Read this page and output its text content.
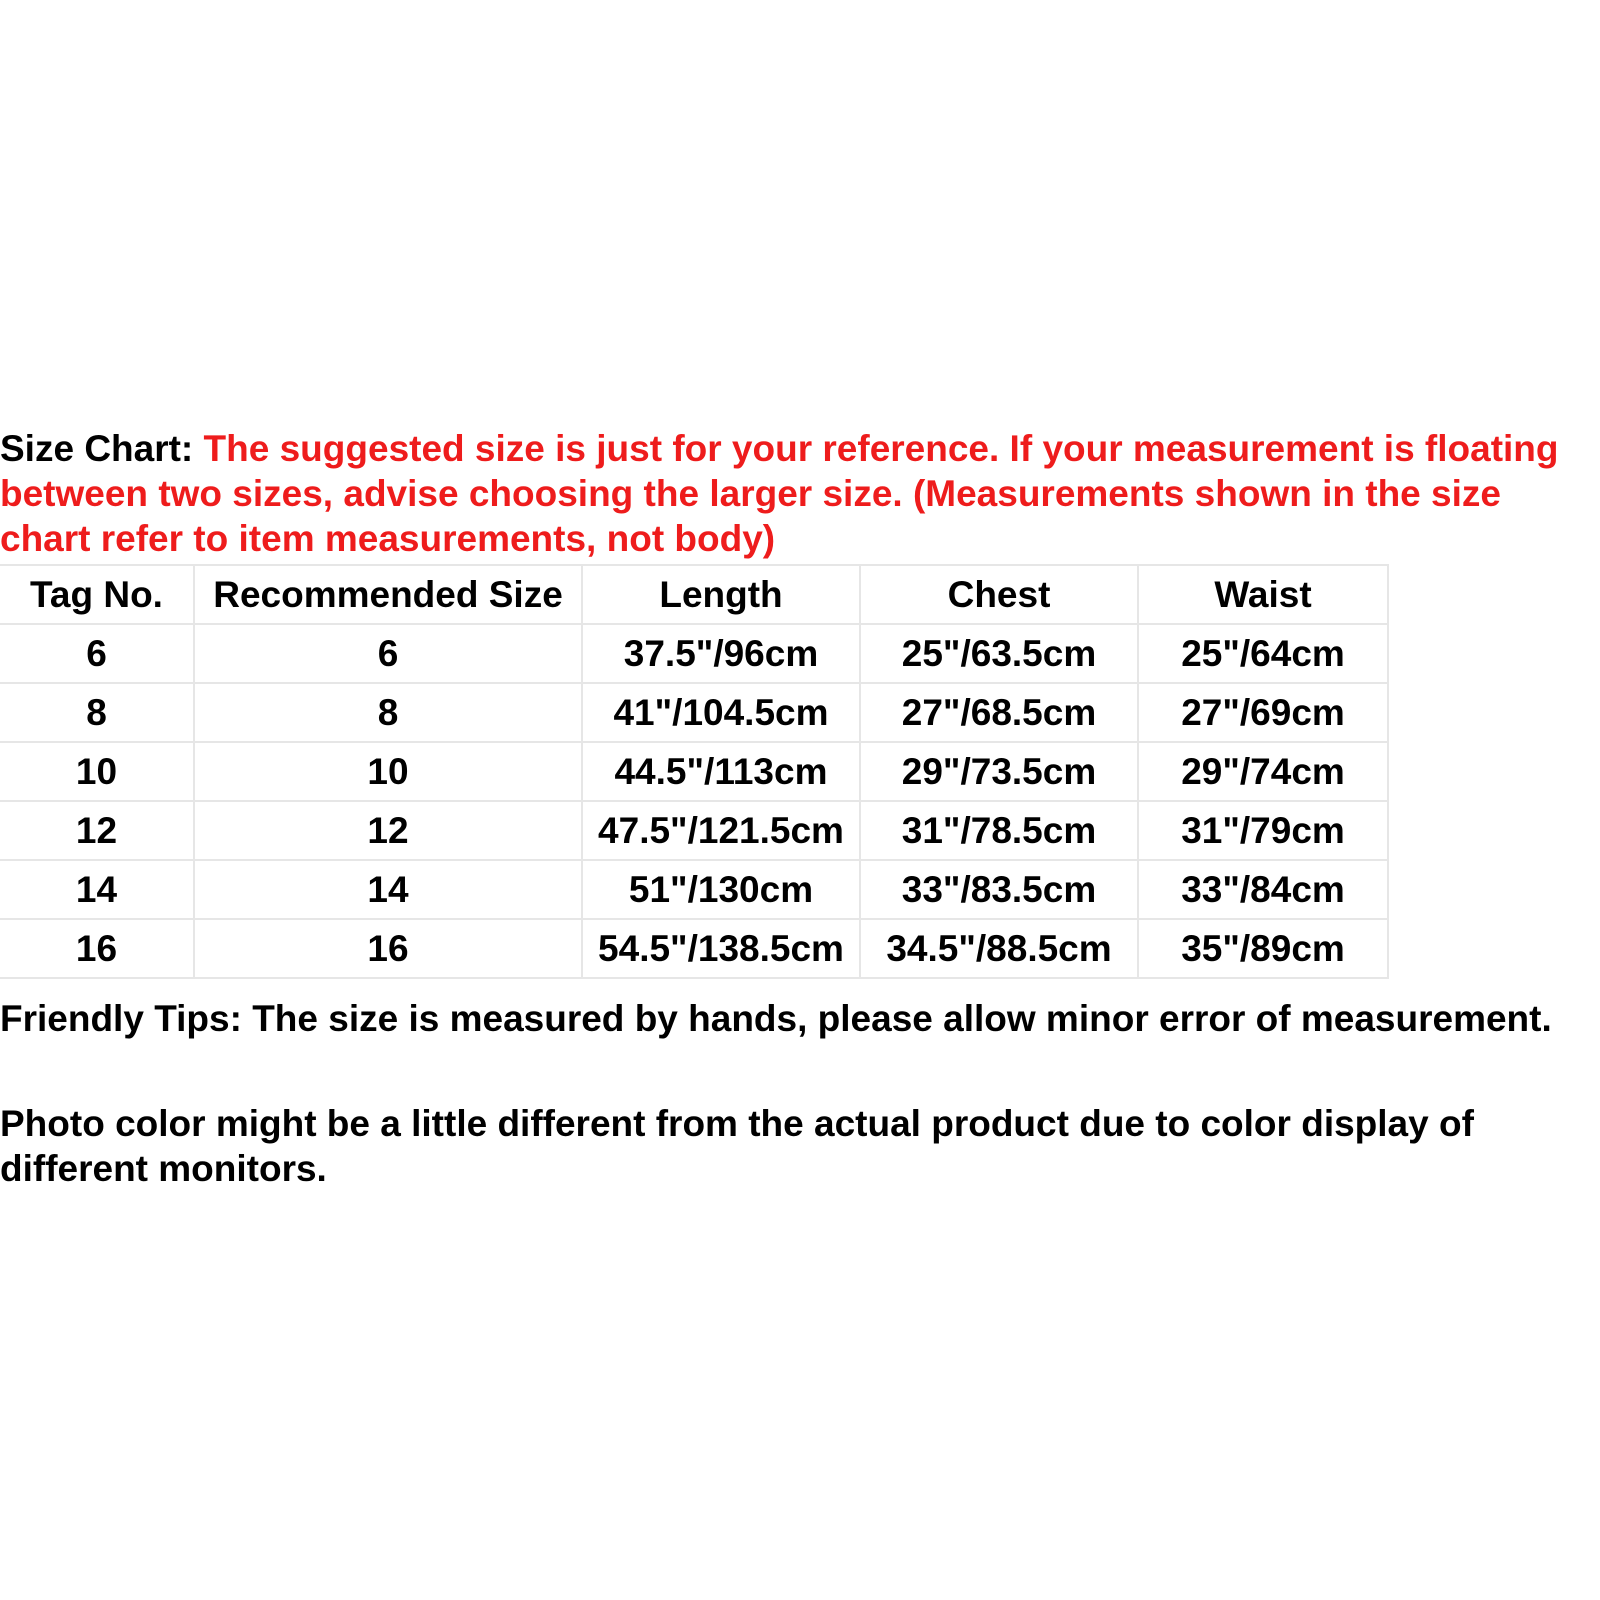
Size Chart: The suggested size is just for your reference. If your measurement is floating between two sizes, advise choosing the larger size. (Measurements shown in the size chart refer to item measurements, not body)

Tag No.	Recommended Size	Length	Chest	Waist
6	6	37.5"/96cm	25"/63.5cm	25"/64cm
8	8	41"/104.5cm	27"/68.5cm	27"/69cm
10	10	44.5"/113cm	29"/73.5cm	29"/74cm
12	12	47.5"/121.5cm	31"/78.5cm	31"/79cm
14	14	51"/130cm	33"/83.5cm	33"/84cm
16	16	54.5"/138.5cm	34.5"/88.5cm	35"/89cm

Friendly Tips: The size is measured by hands, please allow minor error of measurement.

Photo color might be a little different from the actual product due to color display of different monitors.
